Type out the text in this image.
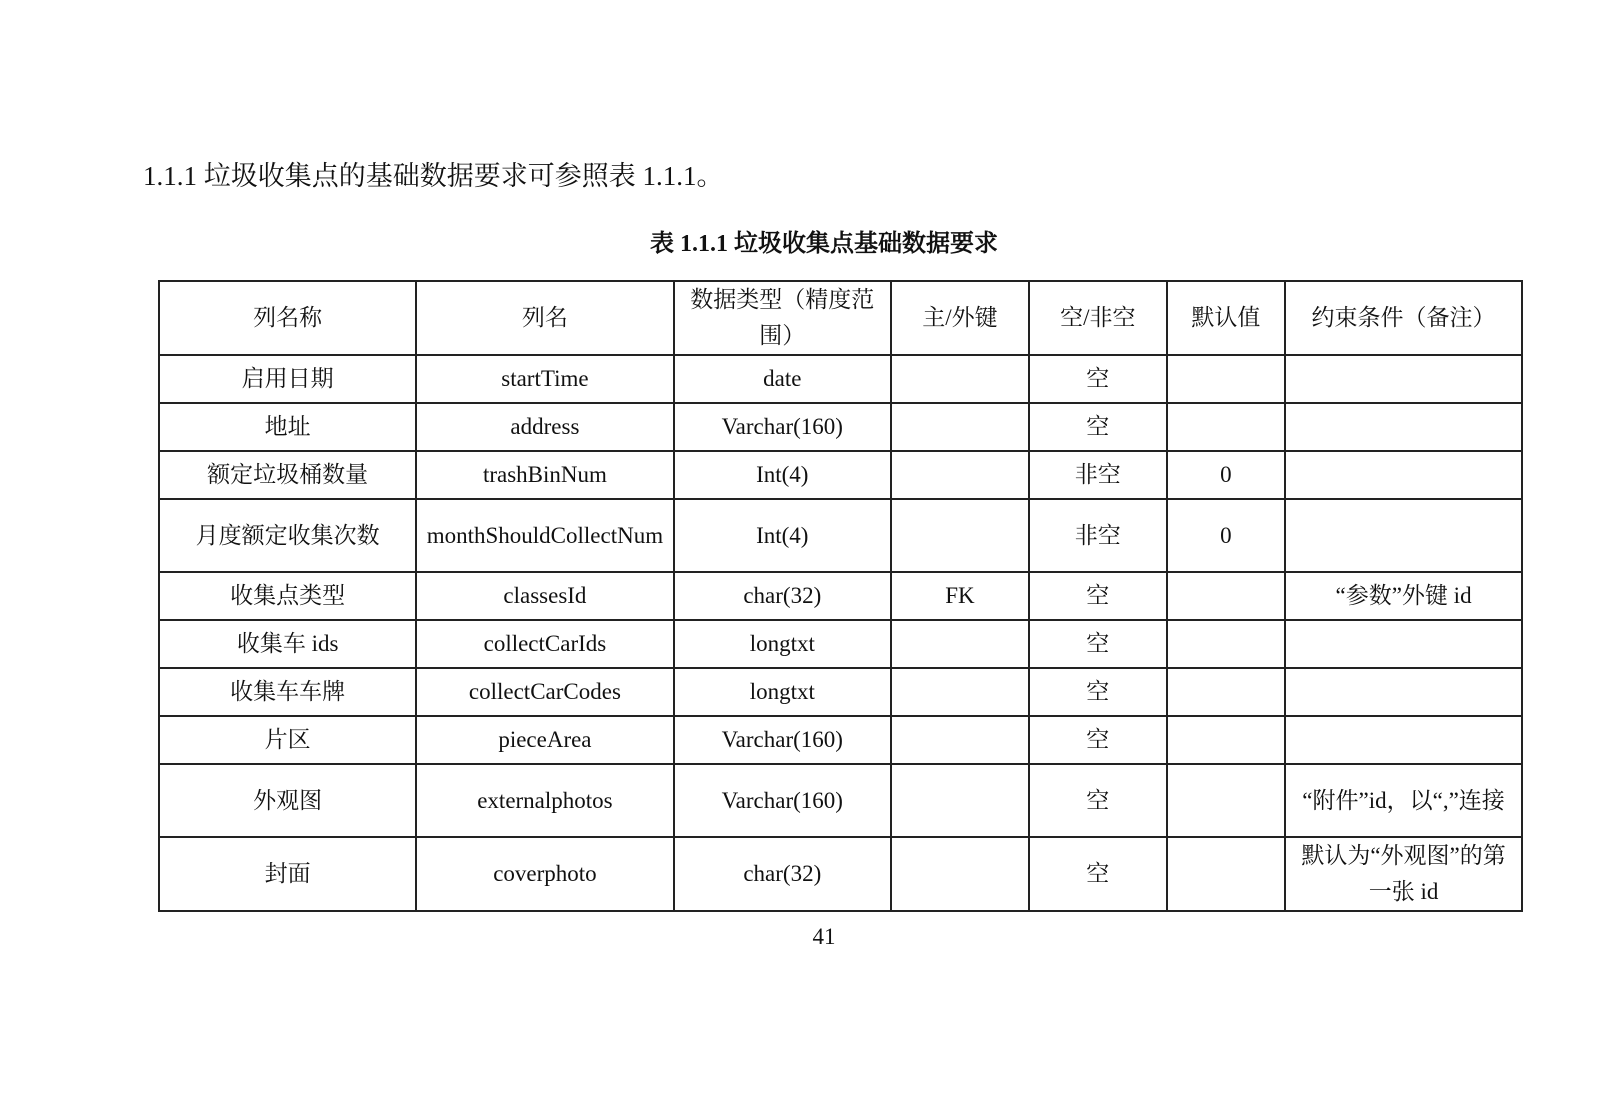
1.1.1 垃圾收集点的基础数据要求可参照表 1.1.1。
表 1.1.1 垃圾收集点基础数据要求
列名称	列名	数据类型（精度范围）	主/外键	空/非空	默认值	约束条件（备注）
启用日期	startTime	date		空		
地址	address	Varchar(160)		空		
额定垃圾桶数量	trashBinNum	Int(4)		非空	0	
月度额定收集次数	monthShouldCollectNum	Int(4)		非空	0	
收集点类型	classesId	char(32)	FK	空		“参数”外键 id
收集车 ids	collectCarIds	longtxt		空		
收集车车牌	collectCarCodes	longtxt		空		
片区	pieceArea	Varchar(160)		空		
外观图	externalphotos	Varchar(160)		空		“附件”id，以“,”连接
封面	coverphoto	char(32)		空		默认为“外观图”的第一张 id
41
